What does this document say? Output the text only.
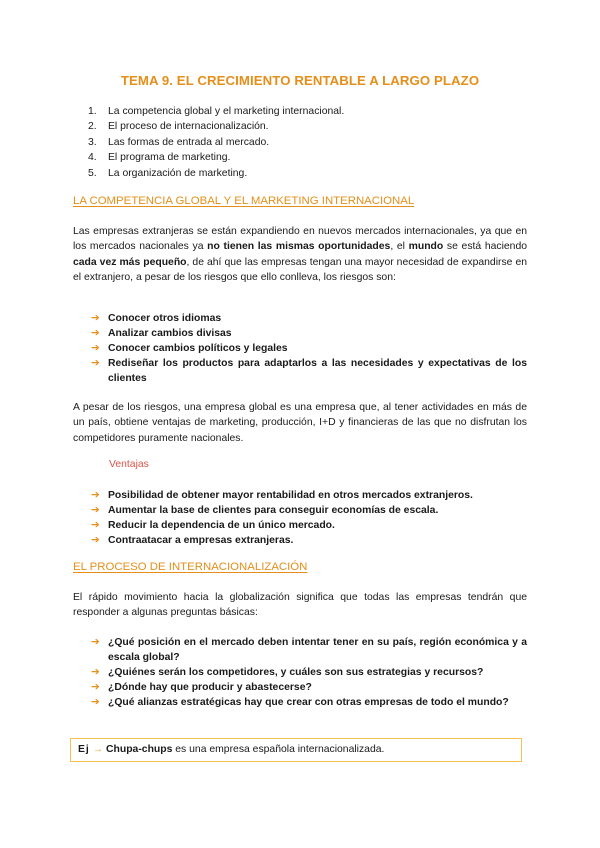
TEMA 9. EL CRECIMIENTO RENTABLE A LARGO PLAZO
1. La competencia global y el marketing internacional.
2. El proceso de internacionalización.
3. Las formas de entrada al mercado.
4. El programa de marketing.
5. La organización de marketing.
LA COMPETENCIA GLOBAL Y EL MARKETING INTERNACIONAL

Las empresas extranjeras se están expandiendo en nuevos mercados internacionales, ya que en los mercados nacionales ya no tienen las mismas oportunidades, el mundo se está haciendo cada vez más pequeño, de ahí que las empresas tengan una mayor necesidad de expandirse en el extranjero, a pesar de los riesgos que ello conlleva, los riesgos son:

➔ Conocer otros idiomas
➔ Analizar cambios divisas
➔ Conocer cambios políticos y legales
➔ Rediseñar los productos para adaptarlos a las necesidades y expectativas de los clientes

A pesar de los riesgos, una empresa global es una empresa que, al tener actividades en más de un país, obtiene ventajas de marketing, producción, I+D y financieras de las que no disfrutan los competidores puramente nacionales.

Ventajas

➔ Posibilidad de obtener mayor rentabilidad en otros mercados extranjeros.
➔ Aumentar la base de clientes para conseguir economías de escala.
➔ Reducir la dependencia de un único mercado.
➔ Contraatacar a empresas extranjeras.
EL PROCESO DE INTERNACIONALIZACIÓN

El rápido movimiento hacia la globalización significa que todas las empresas tendrán que responder a algunas preguntas básicas:

➔ ¿Qué posición en el mercado deben intentar tener en su país, región económica y a escala global?
➔ ¿Quiénes serán los competidores, y cuáles son sus estrategias y recursos?
➔ ¿Dónde hay que producir y abastecerse?
➔ ¿Qué alianzas estratégicas hay que crear con otras empresas de todo el mundo?
Ej → Chupa-chups es una empresa española internacionalizada.
